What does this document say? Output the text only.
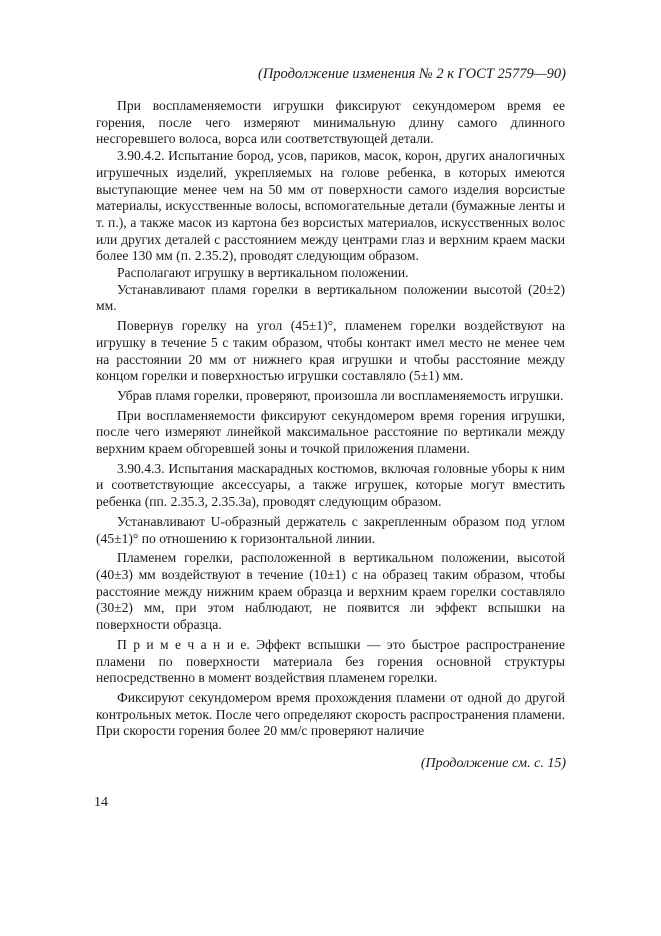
(Продолжение изменения № 2 к ГОСТ 25779—90)

При воспламеняемости игрушки фиксируют секундомером время ее горения, после чего измеряют минимальную длину самого длинного несгоревшего волоса, ворса или соответствующей детали.

3.90.4.2. Испытание бород, усов, париков, масок, корон, других аналогичных игрушечных изделий, укрепляемых на голове ребенка, в которых имеются выступающие менее чем на 50 мм от поверхности самого изделия ворсистые материалы, искусственные волосы, вспомогательные детали (бумажные ленты и т. п.), а также масок из картона без ворсистых материалов, искусственных волос или других деталей с расстоянием между центрами глаз и верхним краем маски более 130 мм (п. 2.35.2), проводят следующим образом.

Располагают игрушку в вертикальном положении.

Устанавливают пламя горелки в вертикальном положении высотой (20±2) мм.

Повернув горелку на угол (45±1)°, пламенем горелки воздействуют на игрушку в течение 5 с таким образом, чтобы контакт имел место не менее чем на расстоянии 20 мм от нижнего края игрушки и чтобы расстояние между концом горелки и поверхностью игрушки составляло (5±1) мм.

Убрав пламя горелки, проверяют, произошла ли воспламеняемость игрушки.

При воспламеняемости фиксируют секундомером время горения игрушки, после чего измеряют линейкой максимальное расстояние по вертикали между верхним краем обгоревшей зоны и точкой приложения пламени.

3.90.4.3. Испытания маскарадных костюмов, включая головные уборы к ним и соответствующие аксессуары, а также игрушек, которые могут вместить ребенка (пп. 2.35.3, 2.35.3а), проводят следующим образом.

Устанавливают U-образный держатель с закрепленным образом под углом (45±1)° по отношению к горизонтальной линии.

Пламенем горелки, расположенной в вертикальном положении, высотой (40±3) мм воздействуют в течение (10±1) с на образец таким образом, чтобы расстояние между нижним краем образца и верхним краем горелки составляло (30±2) мм, при этом наблюдают, не появится ли эффект вспышки на поверхности образца.

П р и м е ч а н и е. Эффект вспышки — это быстрое распространение пламени по поверхности материала без горения основной структуры непосредственно в момент воздействия пламенем горелки.

Фиксируют секундомером время прохождения пламени от одной до другой контрольных меток. После чего определяют скорость распространения пламени. При скорости горения более 20 мм/с проверяют наличие

(Продолжение см. с. 15)
14
